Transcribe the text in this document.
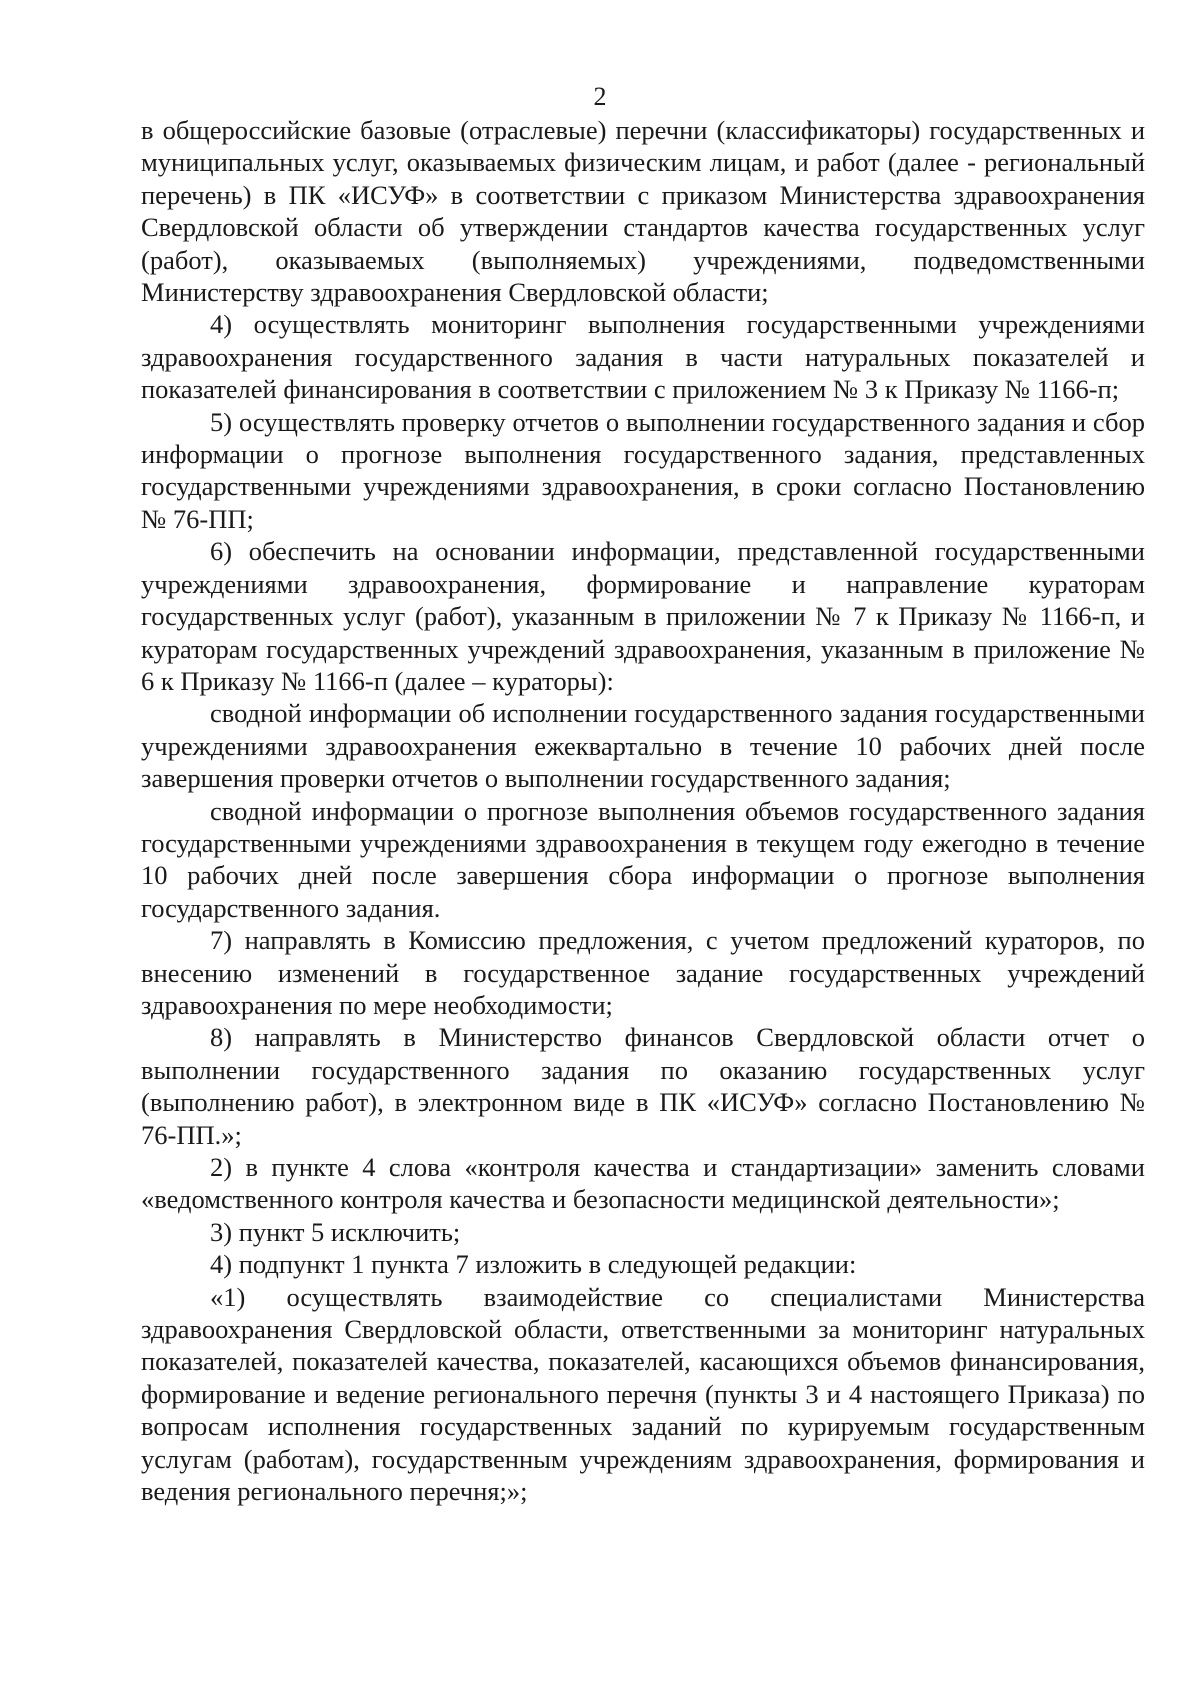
2

в общероссийские базовые (отраслевые) перечни (классификаторы) государственных и муниципальных услуг, оказываемых физическим лицам, и работ (далее - региональный перечень) в ПК «ИСУФ» в соответствии с приказом Министерства здравоохранения Свердловской области об утверждении стандартов качества государственных услуг (работ), оказываемых (выполняемых) учреждениями, подведомственными Министерству здравоохранения Свердловской области;

4) осуществлять мониторинг выполнения государственными учреждениями здравоохранения государственного задания в части натуральных показателей и показателей финансирования в соответствии с приложением № 3 к Приказу № 1166-п;

5) осуществлять проверку отчетов о выполнении государственного задания и сбор информации о прогнозе выполнения государственного задания, представленных государственными учреждениями здравоохранения, в сроки согласно Постановлению № 76-ПП;

6) обеспечить на основании информации, представленной государственными учреждениями здравоохранения, формирование и направление кураторам государственных услуг (работ), указанным в приложении № 7 к Приказу № 1166-п, и кураторам государственных учреждений здравоохранения, указанным в приложение № 6 к Приказу № 1166-п (далее – кураторы):

сводной информации об исполнении государственного задания государственными учреждениями здравоохранения ежеквартально в течение 10 рабочих дней после завершения проверки отчетов о выполнении государственного задания;

сводной информации о прогнозе выполнения объемов государственного задания государственными учреждениями здравоохранения в текущем году ежегодно в течение 10 рабочих дней после завершения сбора информации о прогнозе выполнения государственного задания.

7) направлять в Комиссию предложения, с учетом предложений кураторов, по внесению изменений в государственное задание государственных учреждений здравоохранения по мере необходимости;

8) направлять в Министерство финансов Свердловской области отчет о выполнении государственного задания по оказанию государственных услуг (выполнению работ), в электронном виде в ПК «ИСУФ» согласно Постановлению № 76-ПП.»;

2) в пункте 4 слова «контроля качества и стандартизации» заменить словами «ведомственного контроля качества и безопасности медицинской деятельности»;

3) пункт 5 исключить;

4) подпункт 1 пункта 7 изложить в следующей редакции:

«1) осуществлять взаимодействие со специалистами Министерства здравоохранения Свердловской области, ответственными за мониторинг натуральных показателей, показателей качества, показателей, касающихся объемов финансирования, формирование и ведение регионального перечня (пункты 3 и 4 настоящего Приказа) по вопросам исполнения государственных заданий по курируемым государственным услугам (работам), государственным учреждениям здравоохранения, формирования и ведения регионального перечня;»;
